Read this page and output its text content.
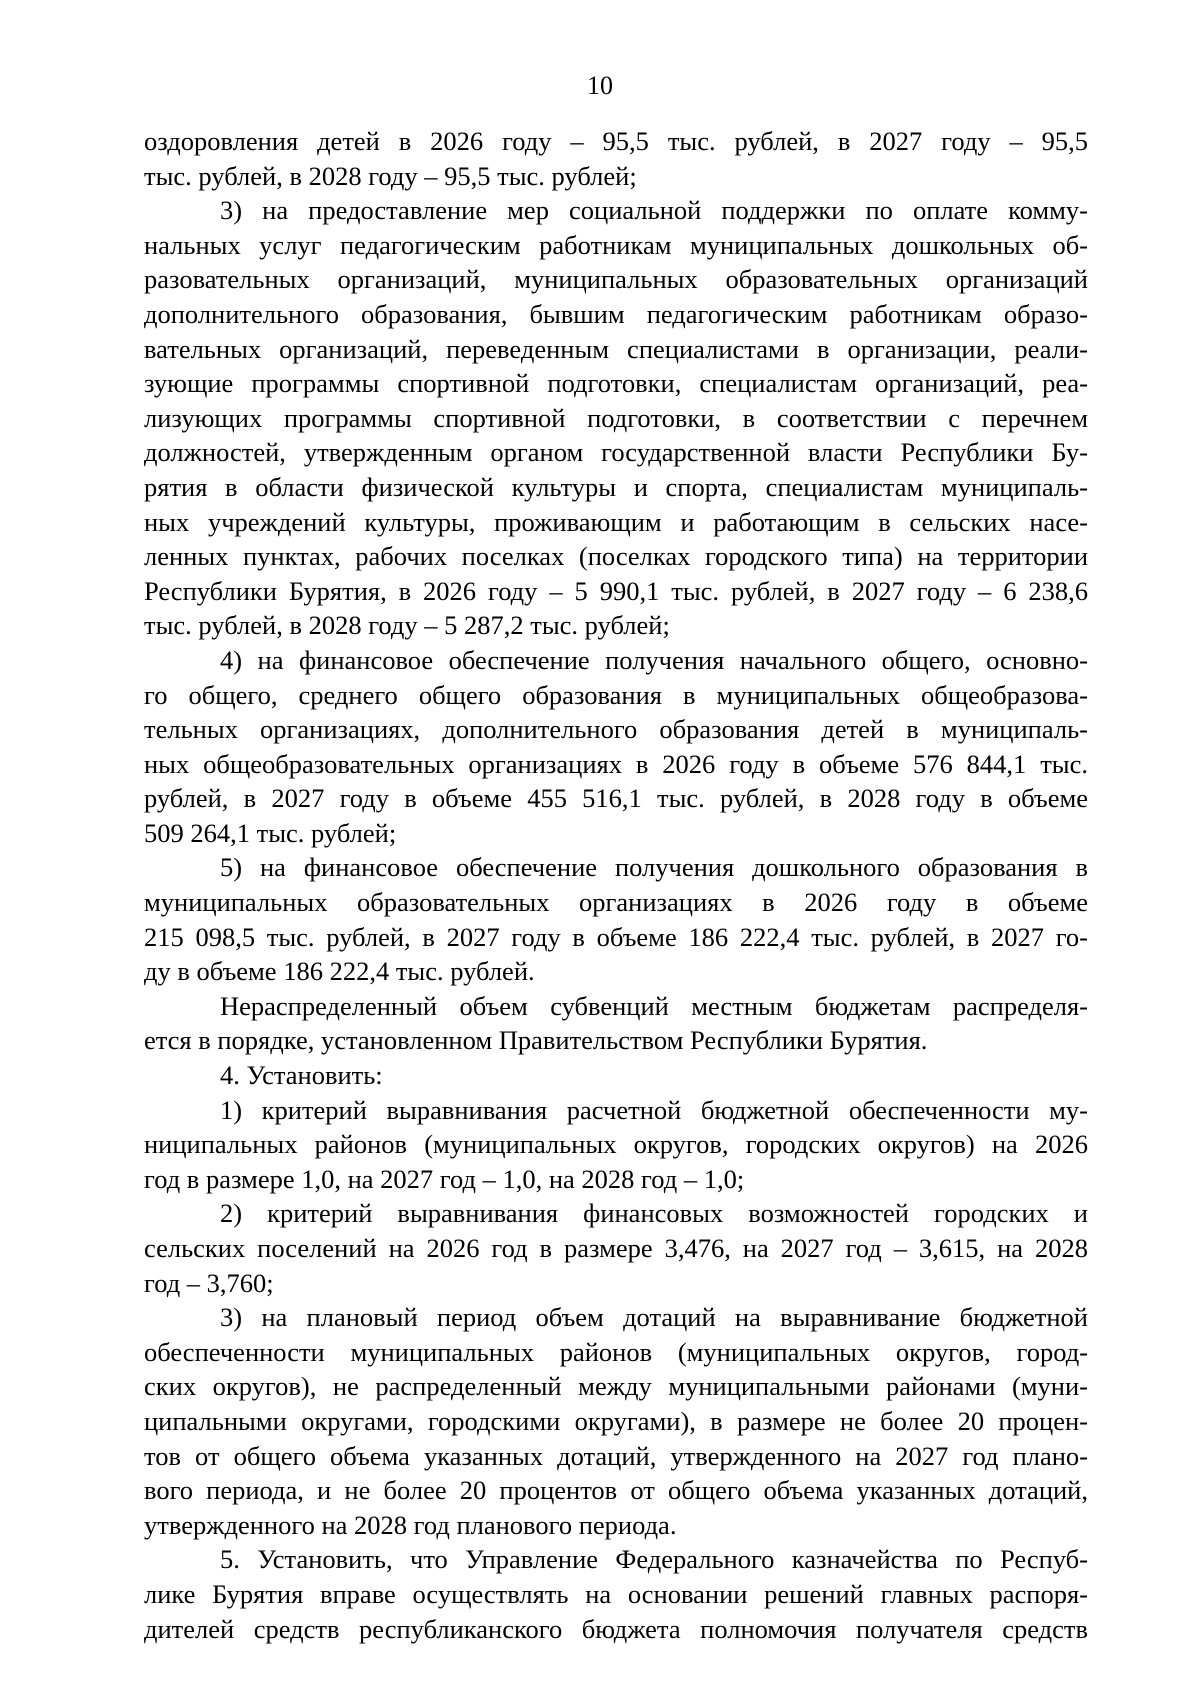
10
оздоровления детей в 2026 году – 95,5 тыс. рублей, в 2027 году – 95,5
тыс. рублей, в 2028 году – 95,5 тыс. рублей;
3) на предоставление мер социальной поддержки по оплате комму-
нальных услуг педагогическим работникам муниципальных дошкольных об-
разовательных организаций, муниципальных образовательных организаций
дополнительного образования, бывшим педагогическим работникам образо-
вательных организаций, переведенным специалистами в организации, реали-
зующие программы спортивной подготовки, специалистам организаций, реа-
лизующих программы спортивной подготовки, в соответствии с перечнем
должностей, утвержденным органом государственной власти Республики Бу-
рятия в области физической культуры и спорта, специалистам муниципаль-
ных учреждений культуры, проживающим и работающим в сельских насе-
ленных пунктах, рабочих поселках (поселках городского типа) на территории
Республики Бурятия, в 2026 году – 5 990,1 тыс. рублей, в 2027 году – 6 238,6
тыс. рублей, в 2028 году – 5 287,2 тыс. рублей;
4) на финансовое обеспечение получения начального общего, основно-
го общего, среднего общего образования в муниципальных общеобразова-
тельных организациях, дополнительного образования детей в муниципаль-
ных общеобразовательных организациях в 2026 году в объеме 576 844,1 тыс.
рублей, в 2027 году в объеме 455 516,1 тыс. рублей, в 2028 году в объеме
509 264,1 тыс. рублей;
5) на финансовое обеспечение получения дошкольного образования в
муниципальных образовательных организациях в 2026 году в объеме
215 098,5 тыс. рублей, в 2027 году в объеме 186 222,4 тыс. рублей, в 2027 го-
ду в объеме 186 222,4 тыс. рублей.
Нераспределенный объем субвенций местным бюджетам распределя-
ется в порядке, установленном Правительством Республики Бурятия.
4. Установить:
1) критерий выравнивания расчетной бюджетной обеспеченности му-
ниципальных районов (муниципальных округов, городских округов) на 2026
год в размере 1,0, на 2027 год – 1,0, на 2028 год – 1,0;
2) критерий выравнивания финансовых возможностей городских и
сельских поселений на 2026 год в размере 3,476, на 2027 год – 3,615, на 2028
год – 3,760;
3) на плановый период объем дотаций на выравнивание бюджетной
обеспеченности муниципальных районов (муниципальных округов, город-
ских округов), не распределенный между муниципальными районами (муни-
ципальными округами, городскими округами), в размере не более 20 процен-
тов от общего объема указанных дотаций, утвержденного на 2027 год плано-
вого периода, и не более 20 процентов от общего объема указанных дотаций,
утвержденного на 2028 год планового периода.
5. Установить, что Управление Федерального казначейства по Респуб-
лике Бурятия вправе осуществлять на основании решений главных распоря-
дителей средств республиканского бюджета полномочия получателя средств
